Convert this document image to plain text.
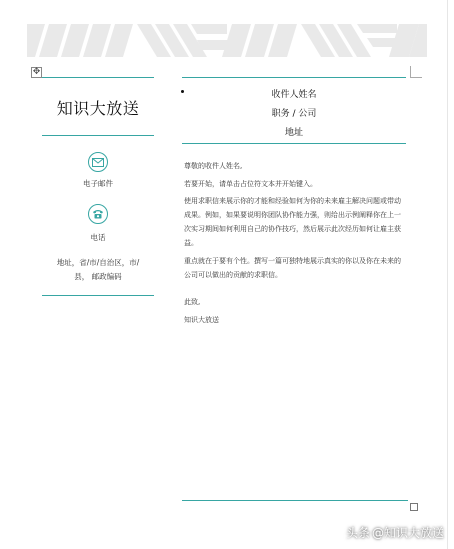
✥
知识大放送
电子邮件
电话
地址，省/市/自治区，市/
县， 邮政编码
收件人姓名
职务 / 公司
地址
尊敬的收件人姓名,
若要开始，请单击占位符文本并开始键入。
使用求职信来展示你的才能和经验如何为你的未来雇主解决问题或带动成果。例如，如果要说明你团队协作能力强，则给出示例阐释你在上一次实习期间如何利用自己的协作技巧，然后展示此次经历如何让雇主获益。
重点就在于要有个性。撰写一篇可独特地展示真实的你以及你在未来的公司可以做出的贡献的求职信。
此致,
知识大放送
头条 @知识大放送
